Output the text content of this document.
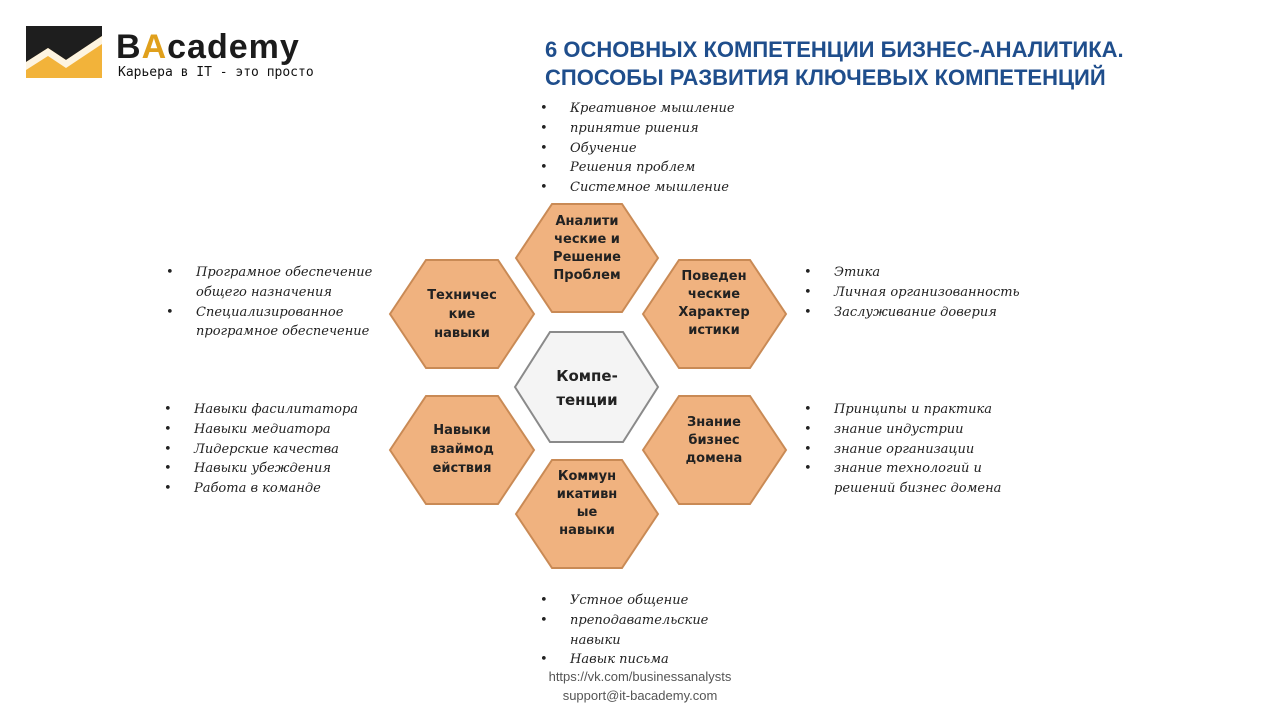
BAcademy
Карьера в IT - это просто
6 ОСНОВНЫХ КОМПЕТЕНЦИИ БИЗНЕС-АНАЛИТИКА.
СПОСОБЫ РАЗВИТИЯ КЛЮЧЕВЫХ КОМПЕТЕНЦИЙ
Компе-
тенции
Аналити
ческие и
Решение
Проблем	Поведен
ческие
Характер
истики
Знание
бизнес
домена
Коммун
икативн
ые
навыки
Навыки
взаймод
ействия
Техничес
кие
навыки
• Креативное мышление
• принятие ршения
• Обучение
• Решения проблем
• Системное мышление
• Програмное обеспечение общего назначения
• Специализированное програмное обеспечение
• Этика
• Личная организованность
• Заслуживание доверия
• Навыки фасилитатора
• Навыки медиатора
• Лидерские качества
• Навыки убеждения
• Работа в команде
• Принципы и практика
• знание индустрии
• знание организации
• знание технологий и решений бизнес домена
• Устное общение
• преподавательские навыки
• Навык письма
https://vk.com/businessanalysts
support@it-bacademy.com
